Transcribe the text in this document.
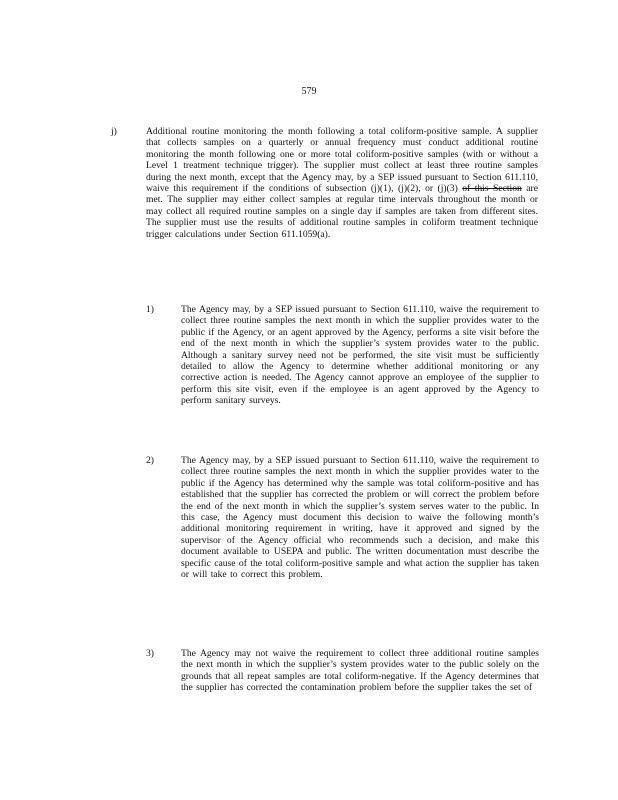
579
j)	Additional routine monitoring the month following a total coliform-positive sample. A supplier that collects samples on a quarterly or annual frequency must conduct additional routine monitoring the month following one or more total coliform-positive samples (with or without a Level 1 treatment technique trigger). The supplier must collect at least three routine samples during the next month, except that the Agency may, by a SEP issued pursuant to Section 611.110, waive this requirement if the conditions of subsection (j)(1), (j)(2), or (j)(3) of this Section are met. The supplier may either collect samples at regular time intervals throughout the month or may collect all required routine samples on a single day if samples are taken from different sites. The supplier must use the results of additional routine samples in coliform treatment technique trigger calculations under Section 611.1059(a).
1)	The Agency may, by a SEP issued pursuant to Section 611.110, waive the requirement to collect three routine samples the next month in which the supplier provides water to the public if the Agency, or an agent approved by the Agency, performs a site visit before the end of the next month in which the supplier’s system provides water to the public. Although a sanitary survey need not be performed, the site visit must be sufficiently detailed to allow the Agency to determine whether additional monitoring or any corrective action is needed. The Agency cannot approve an employee of the supplier to perform this site visit, even if the employee is an agent approved by the Agency to perform sanitary surveys.
2)	The Agency may, by a SEP issued pursuant to Section 611.110, waive the requirement to collect three routine samples the next month in which the supplier provides water to the public if the Agency has determined why the sample was total coliform-positive and has established that the supplier has corrected the problem or will correct the problem before the end of the next month in which the supplier’s system serves water to the public. In this case, the Agency must document this decision to waive the following month’s additional monitoring requirement in writing, have it approved and signed by the supervisor of the Agency official who recommends such a decision, and make this document available to USEPA and public. The written documentation must describe the specific cause of the total coliform-positive sample and what action the supplier has taken or will take to correct this problem.
3)	The Agency may not waive the requirement to collect three additional routine samples the next month in which the supplier’s system provides water to the public solely on the grounds that all repeat samples are total coliform-negative. If the Agency determines that the supplier has corrected the contamination problem before the supplier takes the set of
